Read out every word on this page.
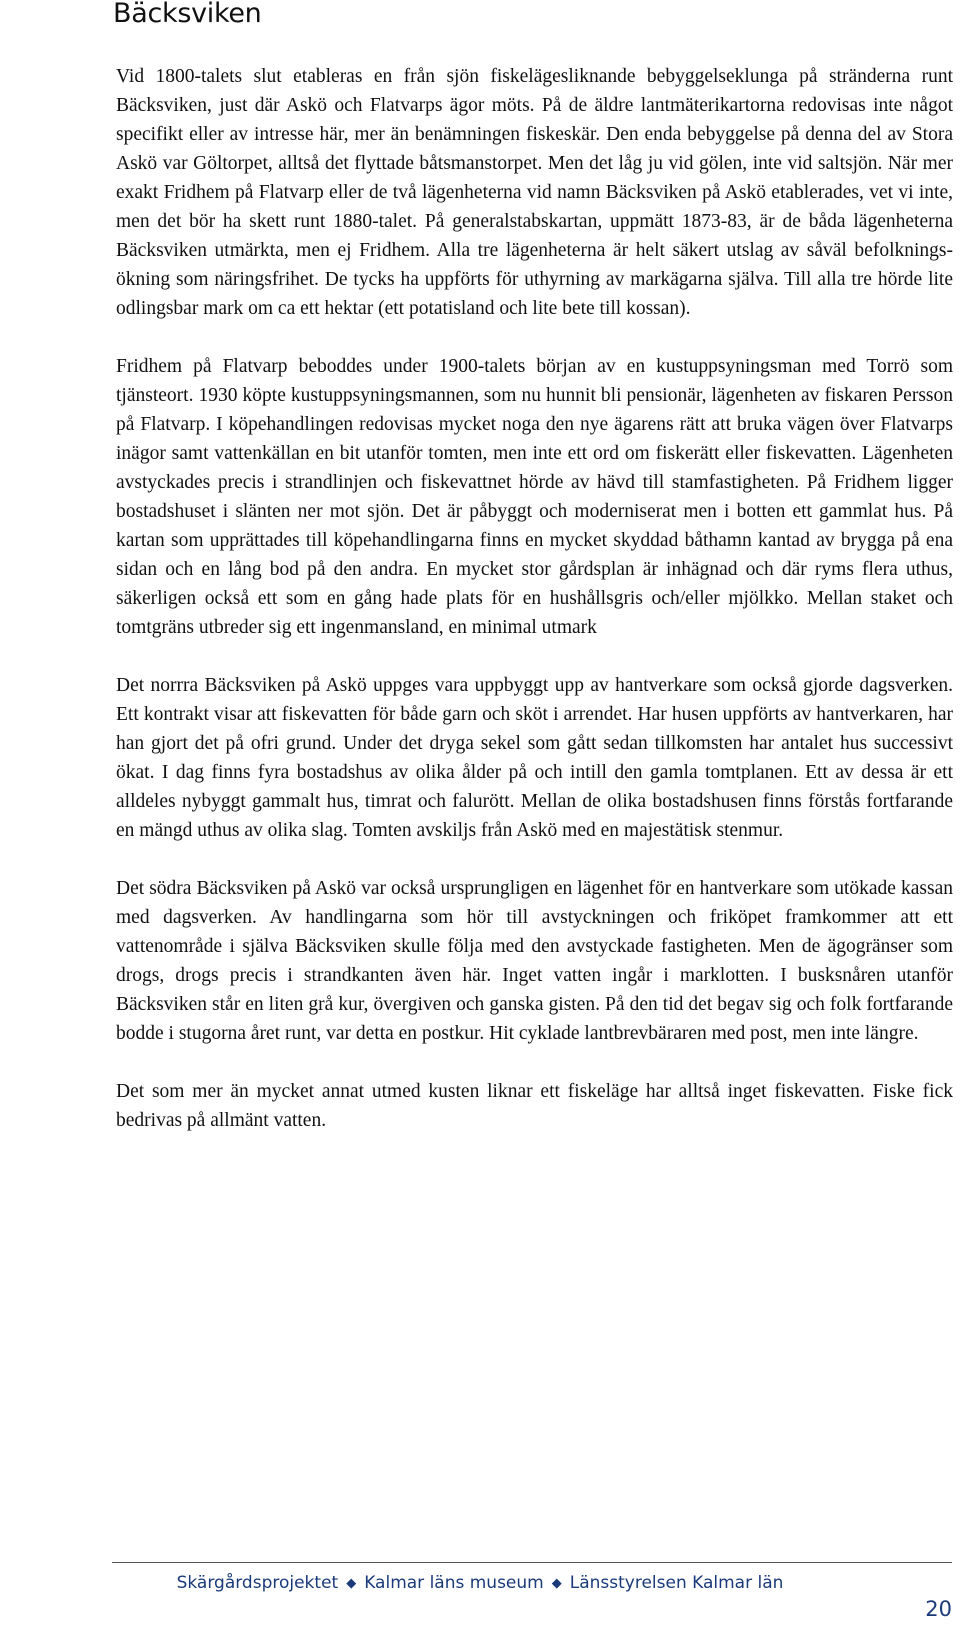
Bäcksviken

Vid 1800-talets slut etableras en från sjön fiskelägesliknande bebyggelseklunga på stränderna runt Bäcksviken, just där Askö och Flatvarps ägor möts. På de äldre lantmäterikartorna redovisas inte något specifikt eller av intresse här, mer än benämningen fiskeskär. Den enda bebyggelse på denna del av Stora Askö var Göltorpet, alltså det flyttade båtsmanstorpet. Men det låg ju vid gölen, inte vid saltsjön. När mer exakt Fridhem på Flatvarp eller de två lägenheterna vid namn Bäcksviken på Askö etablerades, vet vi inte, men det bör ha skett runt 1880-talet. På generalstabskartan, uppmätt 1873-83, är de båda lägenheterna Bäcksviken utmärkta, men ej Fridhem. Alla tre lägenheterna är helt säkert utslag av såväl befolknings- ökning som näringsfrihet. De tycks ha uppförts för uthyrning av markägarna själva. Till alla tre hörde lite odlingsbar mark om ca ett hektar (ett potatisland och lite bete till kossan).

Fridhem på Flatvarp beboddes under 1900-talets början av en kustuppsyningsman med Torrö som tjänsteort. 1930 köpte kustuppsyningsmannen, som nu hunnit bli pensionär, lägenheten av fiskaren Persson på Flatvarp. I köpehandlingen redovisas mycket noga den nye ägarens rätt att bruka vägen över Flatvarps inägor samt vattenkällan en bit utanför tomten, men inte ett ord om fiskerätt eller fiskevatten. Lägenheten avstyckades precis i strandlinjen och fiskevattnet hörde av hävd till stamfastigheten. På Fridhem ligger bostadshuset i slänten ner mot sjön. Det är påbyggt och moderniserat men i botten ett gammlat hus. På kartan som upprättades till köpehandlingarna finns en mycket skyddad båthamn kantad av brygga på ena sidan och en lång bod på den andra. En mycket stor gårdsplan är inhägnad och där ryms flera uthus, säkerligen också ett som en gång hade plats för en hushållsgris och/eller mjölkko. Mellan staket och tomtgräns utbreder sig ett ingenmansland, en minimal utmark

Det norrra Bäcksviken på Askö uppges vara uppbyggt upp av hantverkare som också gjorde dagsverken. Ett kontrakt visar att fiskevatten för både garn och sköt i arrendet. Har husen uppförts av hantverkaren, har han gjort det på ofri grund. Under det dryga sekel som gått sedan tillkomsten har antalet hus successivt ökat. I dag finns fyra bostadshus av olika ålder på och intill den gamla tomtplanen. Ett av dessa är ett alldeles nybyggt gammalt hus, timrat och falurött. Mellan de olika bostadshusen finns förstås fortfarande en mängd uthus av olika slag. Tomten avskiljs från Askö med en majestätisk stenmur.

Det södra Bäcksviken på Askö var också ursprungligen en lägenhet för en hantverkare som utökade kassan med dagsverken. Av handlingarna som hör till avstyckningen och friköpet framkommer att ett vattenområde i själva Bäcksviken skulle följa med den avstyckade fastigheten. Men de ägogränser som drogs, drogs precis i strandkanten även här. Inget vatten ingår i marklotten. I busksnåren utanför Bäcksviken står en liten grå kur, övergiven och ganska gisten. På den tid det begav sig och folk fortfarande bodde i stugorna året runt, var detta en postkur. Hit cyklade lantbrevbäraren med post, men inte längre.

Det som mer än mycket annat utmed kusten liknar ett fiskeläge har alltså inget fiskevatten. Fiske fick bedrivas på allmänt vatten.

Skärgårdsprojektet ◆ Kalmar läns museum ◆ Länsstyrelsen Kalmar län
20
